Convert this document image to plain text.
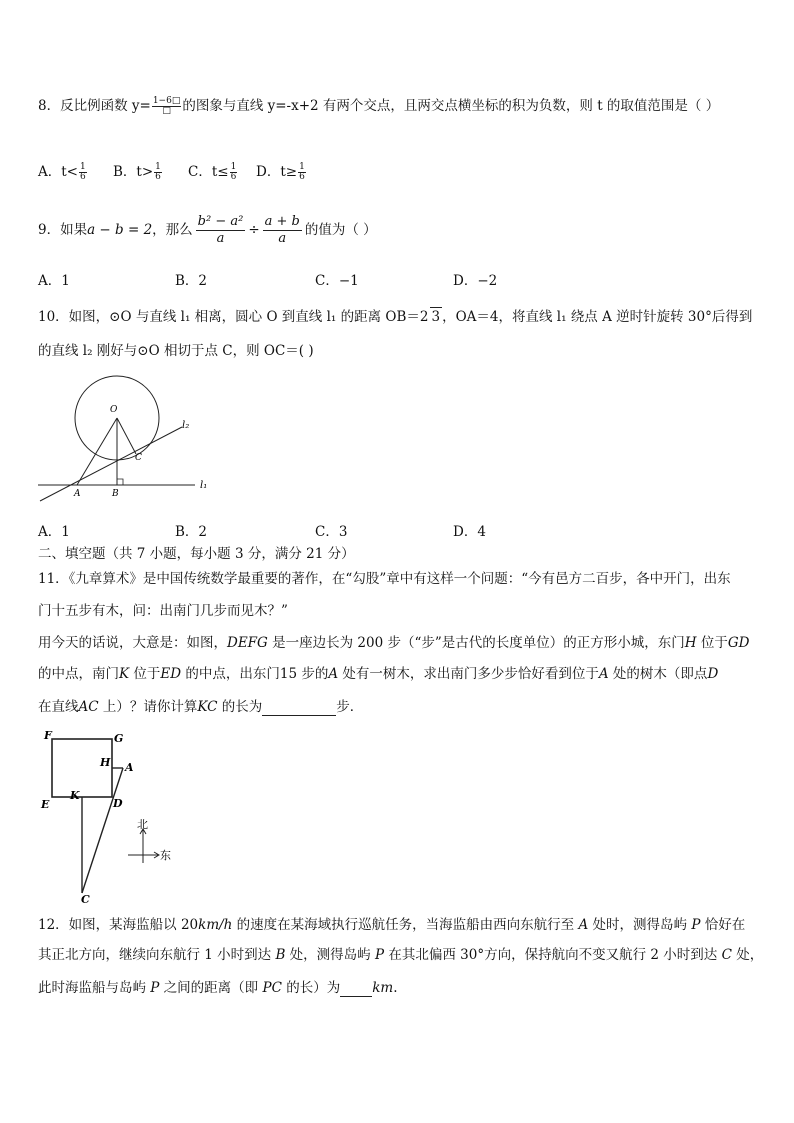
8．反比例函数 $y= \frac{1-6□}{□}$ 的图象与直线 y=-x+2 有两个交点，且两交点横坐标的积为负数，则 t 的取值范围是（ ）
A．$t< \frac{1}{6}$ B．$t> \frac{1}{6}$ C．$t\le \frac{1}{6}$ D．$t\ge \frac{1}{6}$
9．如果a − b = 2，那么 $\frac{\text{b² − a²}}{a} \div \frac{a + b}{a}$ 的值为（ ）
A．1	B．2	C．−1	D．−2
10．如图，⊙O 与直线 l₁ 相离，圆心 O 到直线 l₁ 的距离 OB＝2 3 ，OA＝4，将直线 l₁ 绕点 A 逆时针旋转 30°后得到
的直线 l₂ 刚好与⊙O 相切于点 C，则 OC＝( )
O
C
A	B
l₁
l₂
A．1	B．2	C．3	D．4
二、填空题（共 7 小题，每小题 3 分，满分 21 分）
11．《九章算术》是中国传统数学最重要的著作，在“勾股”章中有这样一个问题：“今有邑方二百步，各中开门，出东
门十五步有木，问：出南门几步而见木？”
用今天的话说，大意是：如图，DEFG 是一座边长为 200 步（“步”是古代的长度单位）的正方形小城，东门H 位于GD
的中点，南门K 位于ED 的中点，出东门15 步的A 处有一树木，求出南门多少步恰好看到位于A 处的树木（即点D
在直线AC 上）？请你计算KC 的长为	步．
F	G
H A
E
K
D
C
北
东
12．如图，某海监船以 20km/h 的速度在某海域执行巡航任务，当海监船由西向东航行至 A 处时，测得岛屿 P 恰好在
其正北方向，继续向东航行 1 小时到达 B 处，测得岛屿 P 在其北偏西 30°方向，保持航向不变又航行 2 小时到达 C 处，
此时海监船与岛屿 P 之间的距离（即 PC 的长）为 km.
